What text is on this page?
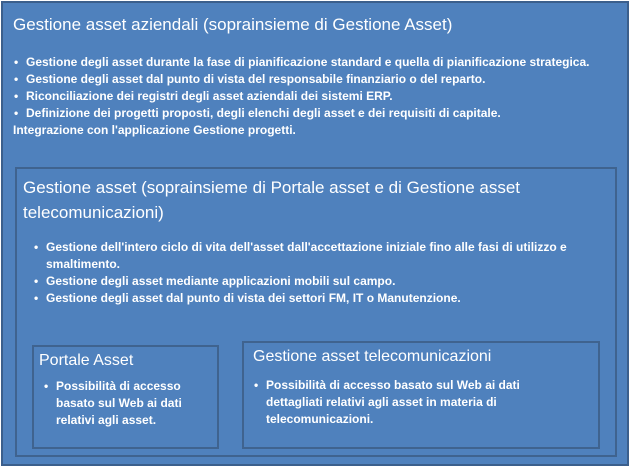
Gestione asset aziendali (sopra​insieme di Gestione Asset)
• Gestione degli asset durante la fase di pianificazione standard e quella di pianificazione strategica.
• Gestione degli asset dal punto di vista del responsabile finanziario o del reparto.
• Riconciliazione dei registri degli asset aziendali dei sistemi ERP.
• Definizione dei progetti proposti, degli elenchi degli asset e dei requisiti di capitale.
Integrazione con l'applicazione Gestione progetti.
Gestione asset (sopra​insieme di Portale asset e di Gestione asset
telecomunicazioni)
• Gestione dell'intero ciclo di vita dell'asset dall'accettazione iniziale fino alle fasi di utilizzo e smaltimento.
• Gestione degli asset mediante applicazioni mobili sul campo.
• Gestione degli asset dal punto di vista dei settori FM, IT o Manutenzione.
Portale Asset
• Possibilità di accesso basato sul Web ai dati relativi agli asset.
Gestione asset telecomunicazioni
• Possibilità di accesso basato sul Web ai dati dettagliati relativi agli asset in materia di telecomunicazioni.
